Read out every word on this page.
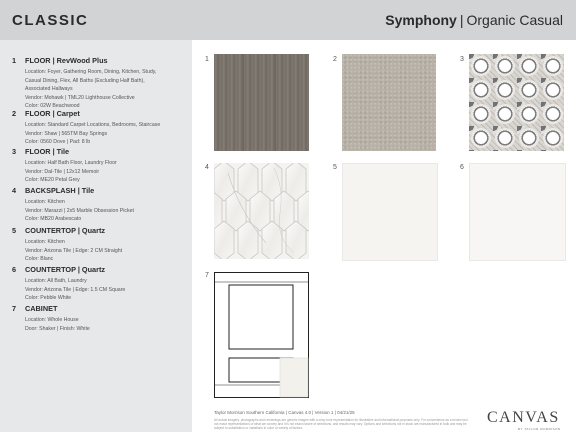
CLASSIC	Symphony | Organic Casual
1 FLOOR | RevWood Plus
Location: Foyer, Gathering Room, Dining, Kitchen, Study,
Casual Dining, Flex, All Baths (Excluding Half Bath),
Associated Hallways
Vendor: Mohawk | TML20 Lighthouse Collective
Color: 02W Beachwood
2 FLOOR | Carpet
Location: Standard Carpet Locations, Bedrooms, Staircase
Vendor: Shaw | 565TM Bay Springs
Color: 0560 Dove | Pad: 8 lb
3 FLOOR | Tile
Location: Half Bath Floor, Laundry Floor
Vendor: Dal-Tile | 12x12 Memoir
Color: ME20 Petal Grey
4 BACKSPLASH | Tile
Location: Kitchen
Vendor: Marazzi | 2x5 Marble Obsession Picket
Color: MB20 Arabescato
5 COUNTERTOP | Quartz
Location: Kitchen
Vendor: Arizona Tile | Edge: 2 CM Straight
Color: Blanc
6 COUNTERTOP | Quartz
Location: All Bath, Laundry
Vendor: Arizona Tile | Edge: 1.5 CM Square
Color: Pebble White
7 CABINET
Location: Whole House
Door: Shaker | Finish: White
1	2	3
4	5	6
7
Taylor Morrison Southern California | Canvas 4.0 | Version 1 | 04/21/25
All actual imagery, photographs and renderings are generic images with a crisp tone representation for illustrative and informational purposes only. For convenience as a review tool not exact representations of what we convey and it is not exact nature of selections, and results may vary. Options and selections not in stock are manufactured in bulk and may be subject to substitution or variations in color or variety of factors.
CANVAS
BY TAYLOR MORRISON
